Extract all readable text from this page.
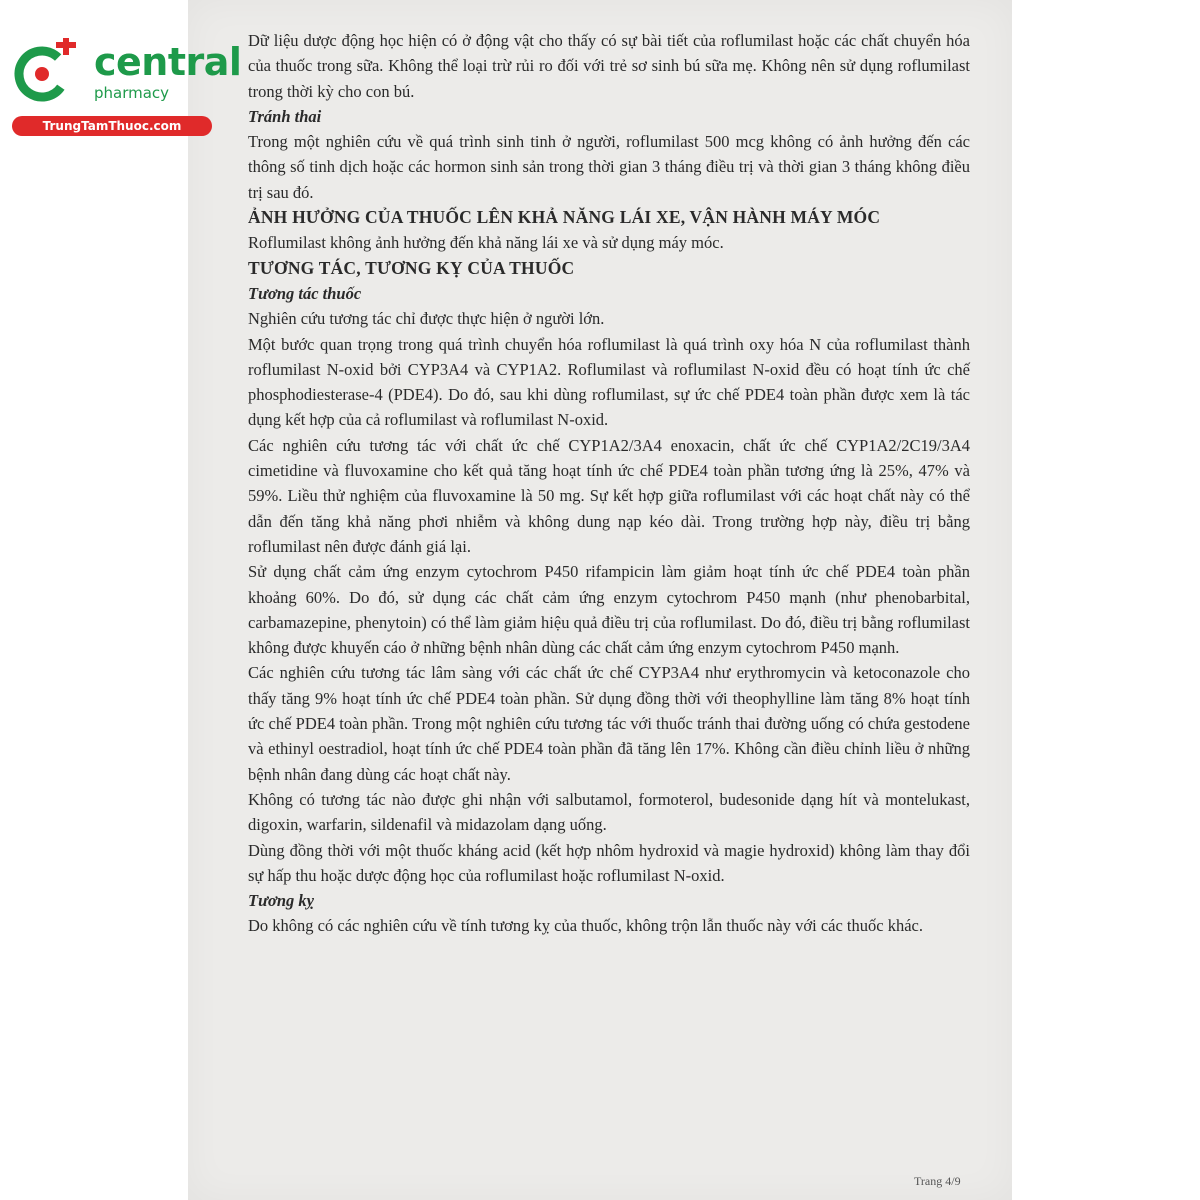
central
pharmacy
TrungTamThuoc.com

Dữ liệu dược động học hiện có ở động vật cho thấy có sự bài tiết của roflumilast hoặc các chất chuyển hóa của thuốc trong sữa. Không thể loại trừ rủi ro đối với trẻ sơ sinh bú sữa mẹ. Không nên sử dụng roflumilast trong thời kỳ cho con bú.

Tránh thai

Trong một nghiên cứu về quá trình sinh tinh ở người, roflumilast 500 mcg không có ảnh hưởng đến các thông số tinh dịch hoặc các hormon sinh sản trong thời gian 3 tháng điều trị và thời gian 3 tháng không điều trị sau đó.

ẢNH HƯỞNG CỦA THUỐC LÊN KHẢ NĂNG LÁI XE, VẬN HÀNH MÁY MÓC

Roflumilast không ảnh hưởng đến khả năng lái xe và sử dụng máy móc.

TƯƠNG TÁC, TƯƠNG KỴ CỦA THUỐC

Tương tác thuốc

Nghiên cứu tương tác chỉ được thực hiện ở người lớn.

Một bước quan trọng trong quá trình chuyển hóa roflumilast là quá trình oxy hóa N của roflumilast thành roflumilast N-oxid bởi CYP3A4 và CYP1A2. Roflumilast và roflumilast N-oxid đều có hoạt tính ức chế phosphodiesterase-4 (PDE4). Do đó, sau khi dùng roflumilast, sự ức chế PDE4 toàn phần được xem là tác dụng kết hợp của cả roflumilast và roflumilast N-oxid.

Các nghiên cứu tương tác với chất ức chế CYP1A2/3A4 enoxacin, chất ức chế CYP1A2/2C19/3A4 cimetidine và fluvoxamine cho kết quả tăng hoạt tính ức chế PDE4 toàn phần tương ứng là 25%, 47% và 59%. Liều thử nghiệm của fluvoxamine là 50 mg. Sự kết hợp giữa roflumilast với các hoạt chất này có thể dẫn đến tăng khả năng phơi nhiễm và không dung nạp kéo dài. Trong trường hợp này, điều trị bằng roflumilast nên được đánh giá lại.

Sử dụng chất cảm ứng enzym cytochrom P450 rifampicin làm giảm hoạt tính ức chế PDE4 toàn phần khoảng 60%. Do đó, sử dụng các chất cảm ứng enzym cytochrom P450 mạnh (như phenobarbital, carbamazepine, phenytoin) có thể làm giảm hiệu quả điều trị của roflumilast. Do đó, điều trị bằng roflumilast không được khuyến cáo ở những bệnh nhân dùng các chất cảm ứng enzym cytochrom P450 mạnh.

Các nghiên cứu tương tác lâm sàng với các chất ức chế CYP3A4 như erythromycin và ketoconazole cho thấy tăng 9% hoạt tính ức chế PDE4 toàn phần. Sử dụng đồng thời với theophylline làm tăng 8% hoạt tính ức chế PDE4 toàn phần. Trong một nghiên cứu tương tác với thuốc tránh thai đường uống có chứa gestodene và ethinyl oestradiol, hoạt tính ức chế PDE4 toàn phần đã tăng lên 17%. Không cần điều chỉnh liều ở những bệnh nhân đang dùng các hoạt chất này.

Không có tương tác nào được ghi nhận với salbutamol, formoterol, budesonide dạng hít và montelukast, digoxin, warfarin, sildenafil và midazolam dạng uống.

Dùng đồng thời với một thuốc kháng acid (kết hợp nhôm hydroxid và magie hydroxid) không làm thay đổi sự hấp thu hoặc dược động học của roflumilast hoặc roflumilast N-oxid.

Tương kỵ

Do không có các nghiên cứu về tính tương kỵ của thuốc, không trộn lẫn thuốc này với các thuốc khác.

Trang 4/9
